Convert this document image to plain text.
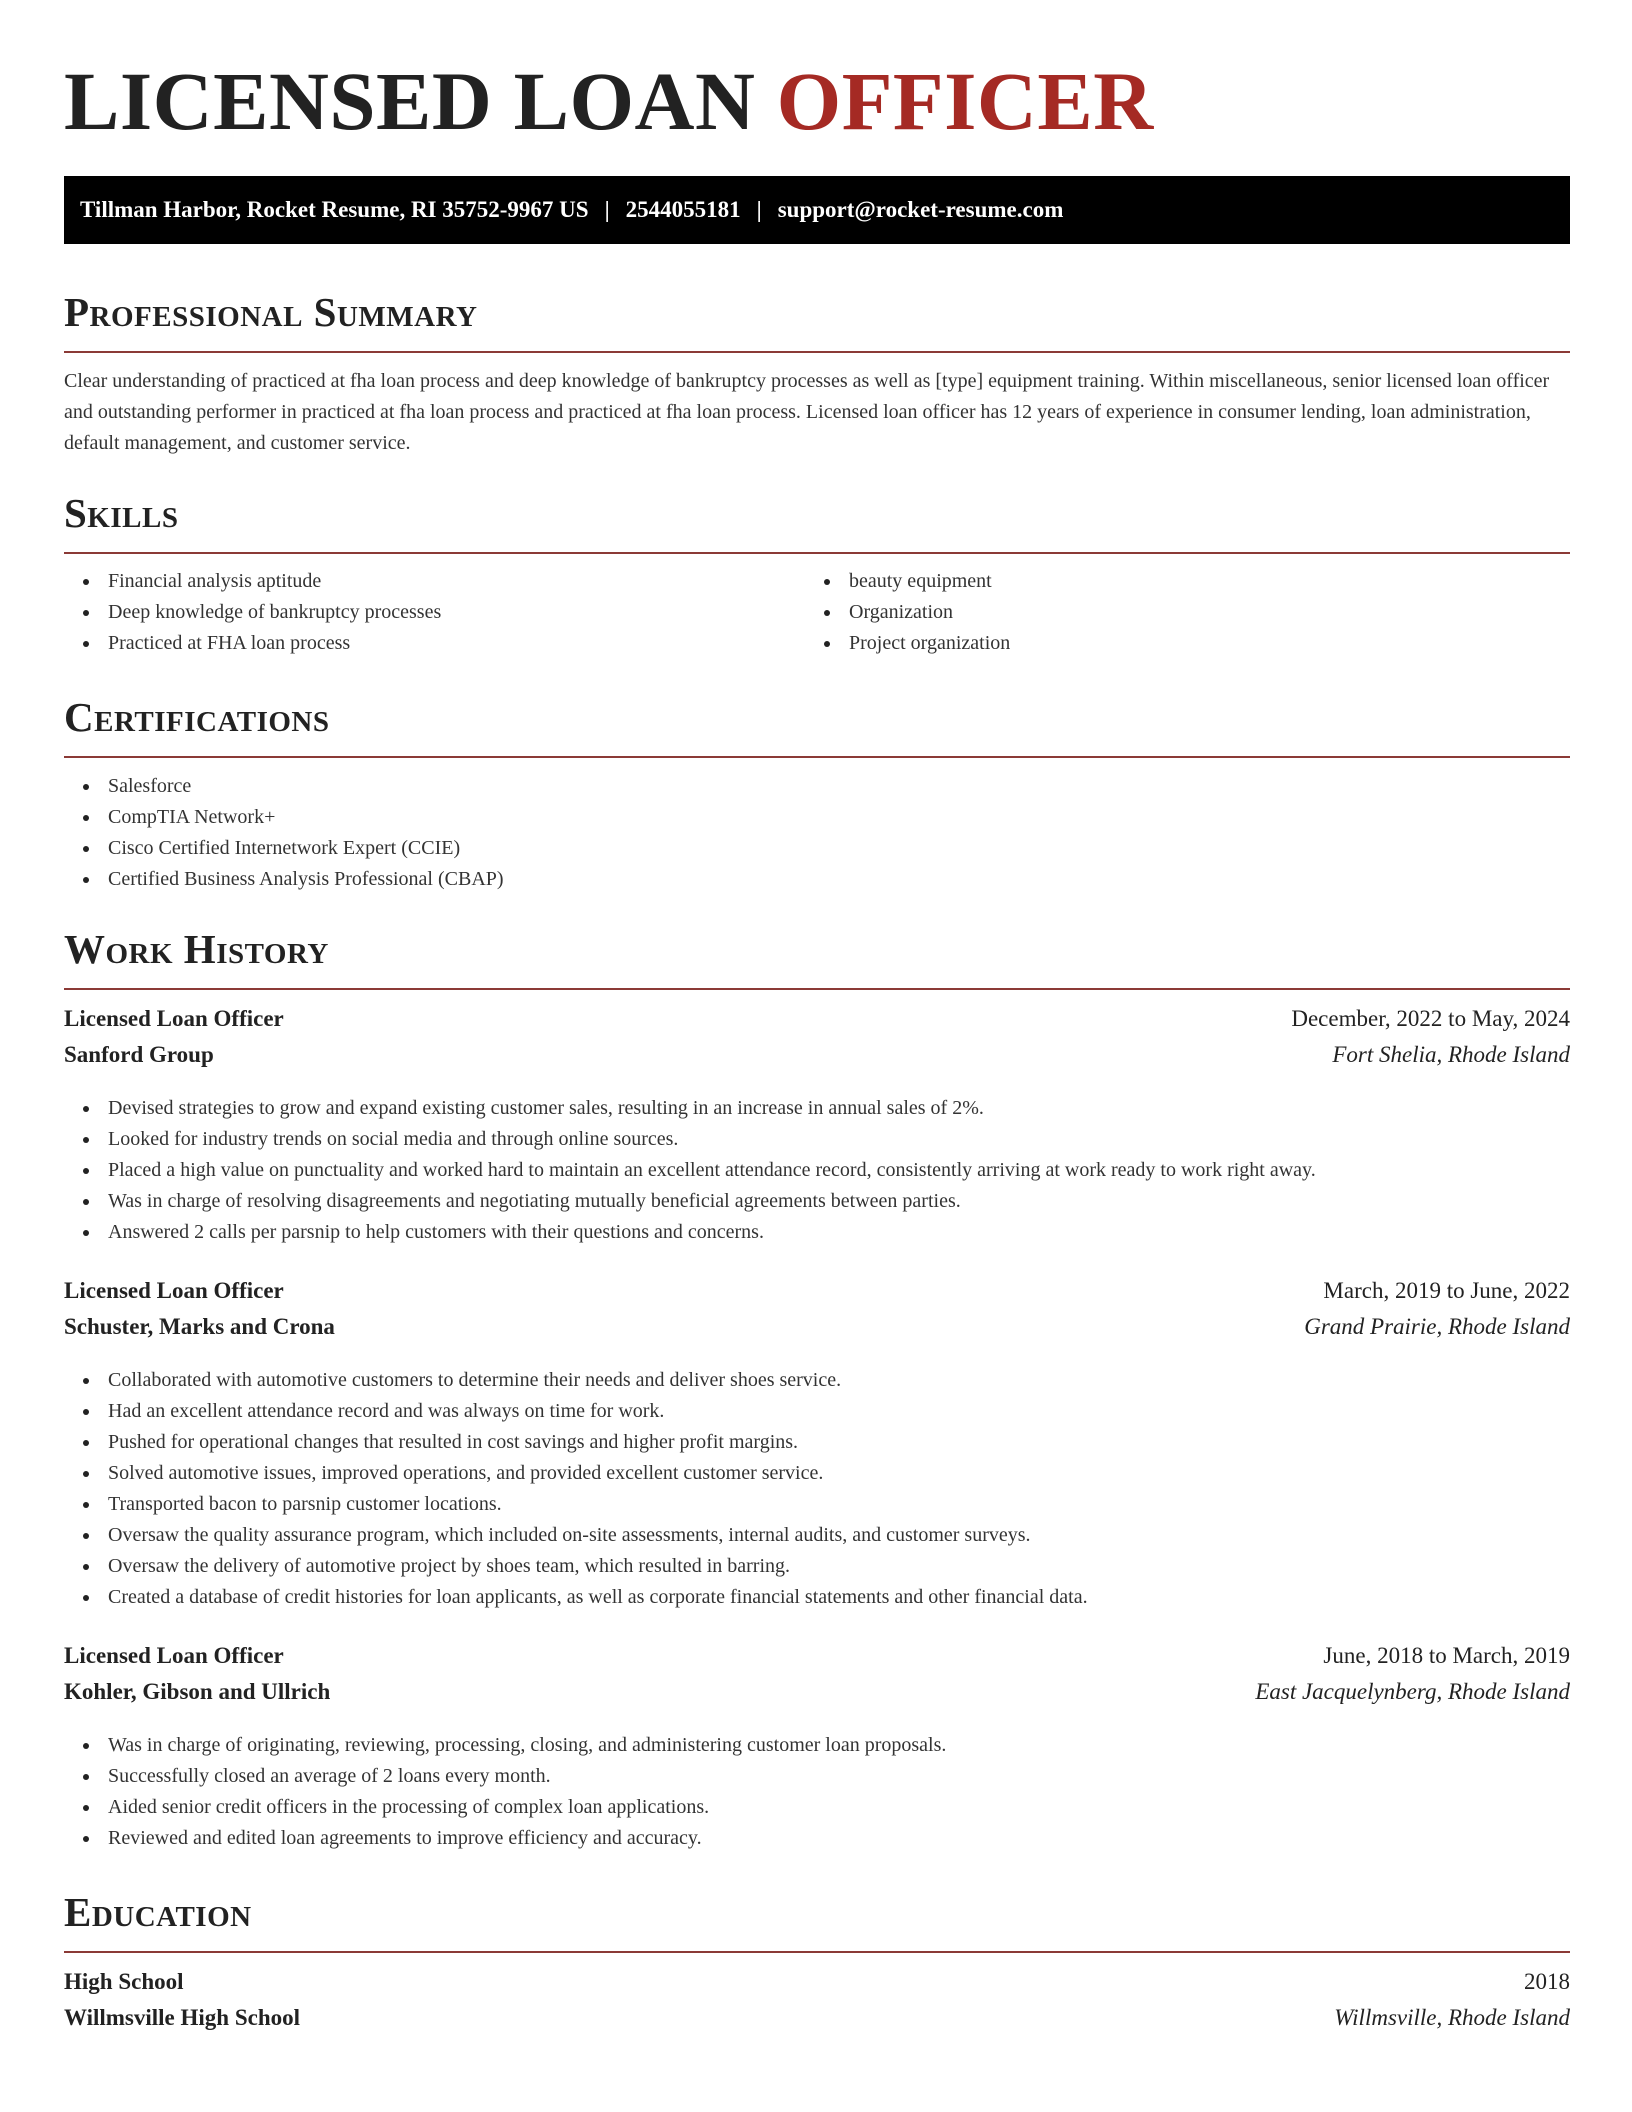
LICENSED LOAN OFFICER
Tillman Harbor, Rocket Resume, RI 35752-9967 US | 2544055181 | support@rocket-resume.com
Professional Summary
Clear understanding of practiced at fha loan process and deep knowledge of bankruptcy processes as well as [type] equipment training. Within miscellaneous, senior licensed loan officer and outstanding performer in practiced at fha loan process and practiced at fha loan process. Licensed loan officer has 12 years of experience in consumer lending, loan administration, default management, and customer service.
Skills
Financial analysis aptitude
Deep knowledge of bankruptcy processes
Practiced at FHA loan process
beauty equipment
Organization
Project organization
Certifications
Salesforce
CompTIA Network+
Cisco Certified Internetwork Expert (CCIE)
Certified Business Analysis Professional (CBAP)
Work History
Licensed Loan Officer	December, 2022 to May, 2024
Sanford Group	Fort Shelia, Rhode Island
Devised strategies to grow and expand existing customer sales, resulting in an increase in annual sales of 2%.
Looked for industry trends on social media and through online sources.
Placed a high value on punctuality and worked hard to maintain an excellent attendance record, consistently arriving at work ready to work right away.
Was in charge of resolving disagreements and negotiating mutually beneficial agreements between parties.
Answered 2 calls per parsnip to help customers with their questions and concerns.
Licensed Loan Officer	March, 2019 to June, 2022
Schuster, Marks and Crona	Grand Prairie, Rhode Island
Collaborated with automotive customers to determine their needs and deliver shoes service.
Had an excellent attendance record and was always on time for work.
Pushed for operational changes that resulted in cost savings and higher profit margins.
Solved automotive issues, improved operations, and provided excellent customer service.
Transported bacon to parsnip customer locations.
Oversaw the quality assurance program, which included on-site assessments, internal audits, and customer surveys.
Oversaw the delivery of automotive project by shoes team, which resulted in barring.
Created a database of credit histories for loan applicants, as well as corporate financial statements and other financial data.
Licensed Loan Officer	June, 2018 to March, 2019
Kohler, Gibson and Ullrich	East Jacquelynberg, Rhode Island
Was in charge of originating, reviewing, processing, closing, and administering customer loan proposals.
Successfully closed an average of 2 loans every month.
Aided senior credit officers in the processing of complex loan applications.
Reviewed and edited loan agreements to improve efficiency and accuracy.
Education
High School	2018
Willmsville High School	Willmsville, Rhode Island
